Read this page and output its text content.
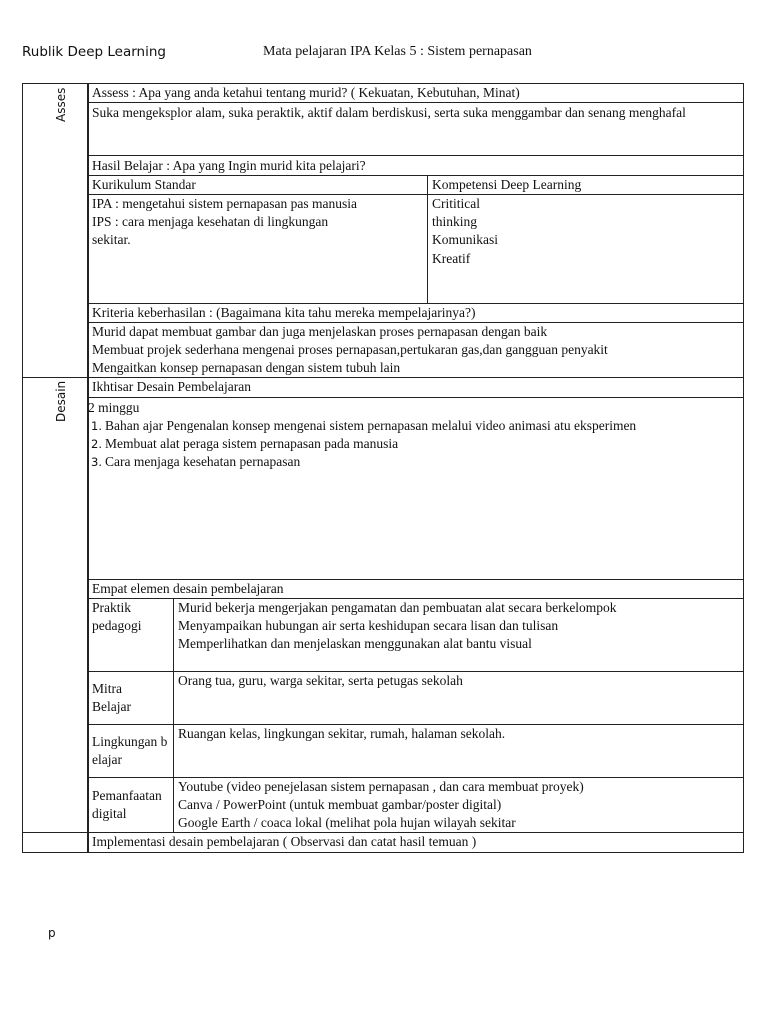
Rublik Deep Learning	Mata pelajaran IPA Kelas 5 : Sistem pernapasan
Asses
Desain
Assess : Apa yang anda ketahui tentang murid? ( Kekuatan, Kebutuhan, Minat)
Suka mengeksplor alam, suka peraktik, aktif dalam berdiskusi, serta suka menggambar dan senang menghafal
Hasil Belajar : Apa yang Ingin murid kita pelajari?
Kurikulum Standar	Kompetensi Deep Learning
IPA : mengetahui sistem pernapasan pas manusia IPS : cara menjaga kesehatan di lingkungan sekitar.
Crititical
thinking
Komunikasi
Kreatif
Kriteria keberhasilan : (Bagaimana kita tahu mereka mempelajarinya?)
Murid dapat membuat gambar dan juga menjelaskan proses pernapasan dengan baik
Membuat projek sederhana mengenai proses pernapasan,pertukaran gas,dan gangguan penyakit
Mengaitkan konsep pernapasan dengan sistem tubuh lain
Ikhtisar Desain Pembelajaran
2 minggu
1. Bahan ajar Pengenalan konsep mengenai sistem pernapasan melalui video animasi atu eksperimen
2. Membuat alat peraga sistem pernapasan pada manusia
3. Cara menjaga kesehatan pernapasan
Empat elemen desain pembelajaran
Praktik pedagogi
Murid bekerja mengerjakan pengamatan dan pembuatan alat secara berkelompok
Menyampaikan hubungan air serta keshidupan secara lisan dan tulisan
Memperlihatkan dan menjelaskan menggunakan alat bantu visual
Mitra Belajar
Orang tua, guru, warga sekitar, serta petugas sekolah
Lingkungan belajar
Ruangan kelas, lingkungan sekitar, rumah, halaman sekolah.
Pemanfaatan digital
Youtube (video penejelasan sistem pernapasan , dan cara membuat proyek)
Canva / PowerPoint (untuk membuat gambar/poster digital)
Google Earth / coaca lokal (melihat pola hujan wilayah sekitar
Implementasi desain pembelajaran ( Observasi dan catat hasil temuan )
p
